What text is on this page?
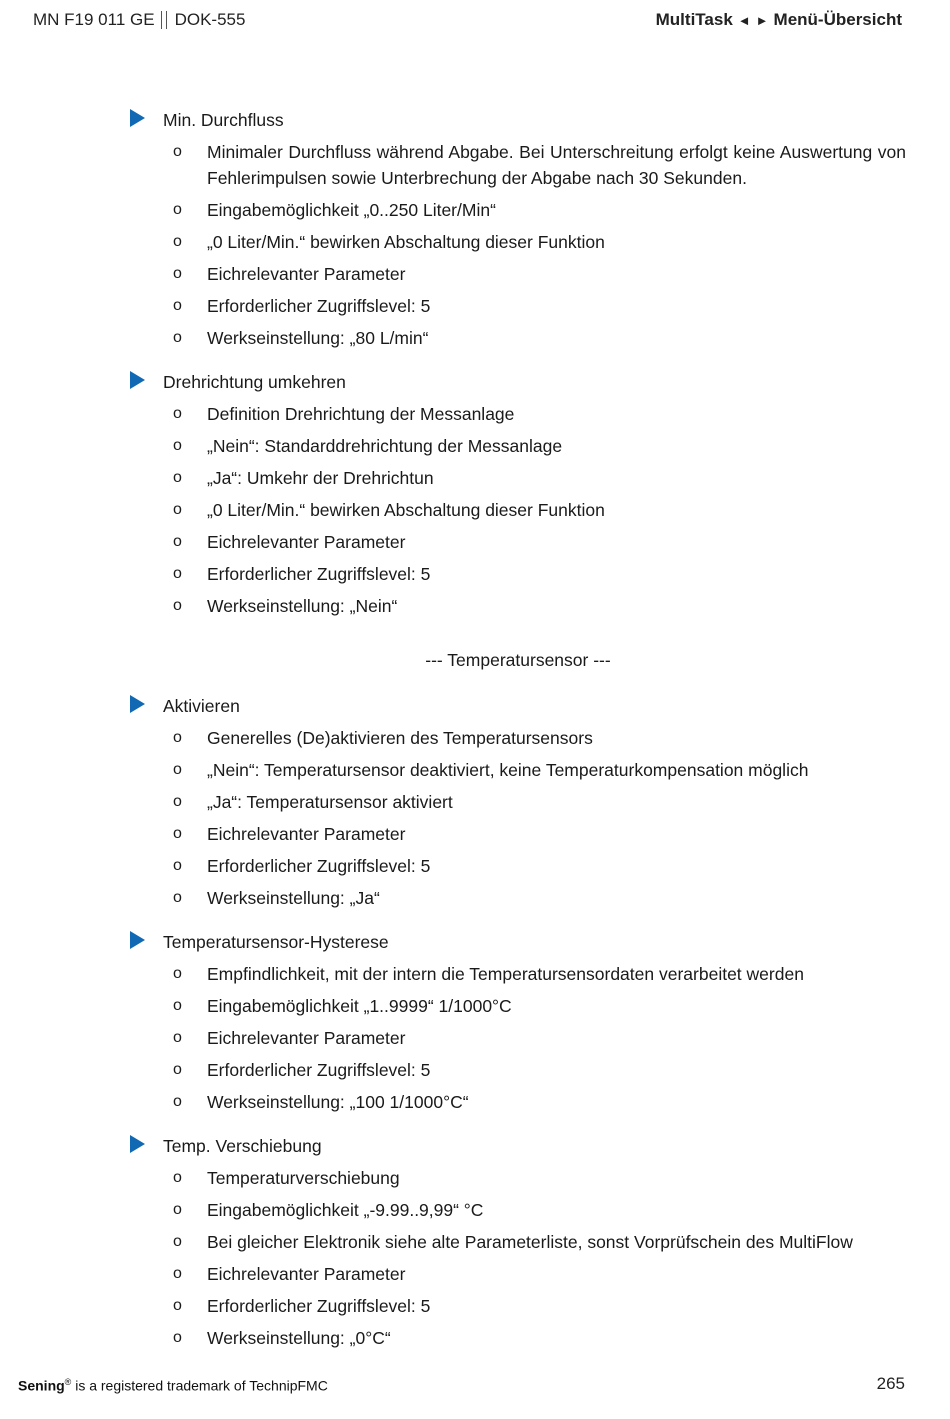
MN F19 011 GE DOK-555	MultiTask ◄ ► Menü-Übersicht
Min. Durchfluss
o	Minimaler Durchfluss während Abgabe. Bei Unterschreitung erfolgt keine Auswertung von Fehlerimpulsen sowie Unterbrechung der Abgabe nach 30 Sekunden.
o	Eingabemöglichkeit „0..250 Liter/Min“
o	„0 Liter/Min.“ bewirken Abschaltung dieser Funktion
o	Eichrelevanter Parameter
o	Erforderlicher Zugriffslevel: 5
o	Werkseinstellung: „80 L/min“
Drehrichtung umkehren
o	Definition Drehrichtung der Messanlage
o	„Nein“: Standarddrehrichtung der Messanlage
o	„Ja“: Umkehr der Drehrichtun
o	„0 Liter/Min.“ bewirken Abschaltung dieser Funktion
o	Eichrelevanter Parameter
o	Erforderlicher Zugriffslevel: 5
o	Werkseinstellung: „Nein“
--- Temperatursensor ---
Aktivieren
o	Generelles (De)aktivieren des Temperatursensors
o	„Nein“: Temperatursensor deaktiviert, keine Temperaturkompensation möglich
o	„Ja“: Temperatursensor aktiviert
o	Eichrelevanter Parameter
o	Erforderlicher Zugriffslevel: 5
o	Werkseinstellung: „Ja“
Temperatursensor-Hysterese
o	Empfindlichkeit, mit der intern die Temperatursensordaten verarbeitet werden
o	Eingabemöglichkeit „1..9999“ 1/1000°C
o	Eichrelevanter Parameter
o	Erforderlicher Zugriffslevel: 5
o	Werkseinstellung: „100 1/1000°C“
Temp. Verschiebung
o	Temperaturverschiebung
o	Eingabemöglichkeit „-9.99..9,99“ °C
o	Bei gleicher Elektronik siehe alte Parameterliste, sonst Vorprüfschein des MultiFlow
o	Eichrelevanter Parameter
o	Erforderlicher Zugriffslevel: 5
o	Werkseinstellung: „0°C“
Sening® is a registered trademark of TechnipFMC	265
